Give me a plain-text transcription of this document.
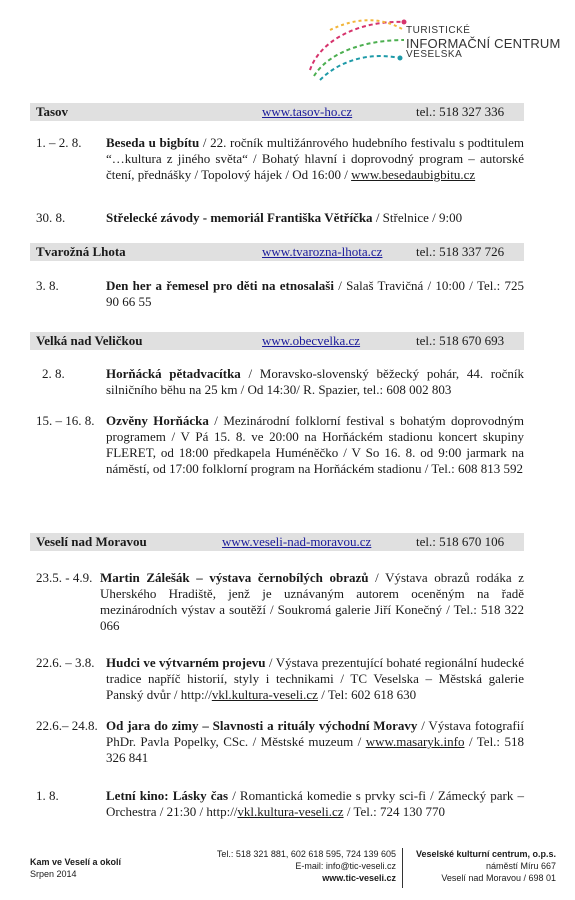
TURISTICKÉ
INFORMAČNÍ CENTRUM
VESELSKA
Tasov	www.tasov-ho.cz	tel.: 518 327 336
1. – 2. 8. Beseda u bigbítu / 22. ročník multižánrového hudebního festivalu s podtitulem “…kultura z jiného světa“ / Bohatý hlavní i doprovodný program – autorské čtení, přednášky / Topolový hájek / Od 16:00 / www.besedaubigbitu.cz
30. 8.	Střelecké závody - memoriál Františka Větříčka / Střelnice / 9:00
Tvarožná Lhota	www.tvarozna-lhota.cz	tel.: 518 337 726
3. 8.	Den her a řemesel pro děti na etnosalaši / Salaš Travičná / 10:00 / Tel.: 725 90 66 55
Velká nad Veličkou	www.obecvelka.cz	tel.: 518 670 693
2. 8.	Horňácká pětadvacítka / Moravsko-slovenský běžecký pohár, 44. ročník silničního běhu na 25 km / Od 14:30/ R. Spazier, tel.: 608 002 803
15. – 16. 8. Ozvěny Horňácka / Mezinárodní folklorní festival s bohatým doprovodným programem / V Pá 15. 8. ve 20:00 na Horňáckém stadionu koncert skupiny FLERET, od 18:00 předkapela Huméněčko / V So 16. 8. od 9:00 jarmark na náměstí, od 17:00 folklorní program na Horňáckém stadionu / Tel.: 608 813 592
Veselí nad Moravou	www.veseli-nad-moravou.cz	tel.: 518 670 106
23.5. - 4.9. Martin Zálešák – výstava černobílých obrazů / Výstava obrazů rodáka z Uherského Hradiště, jenž je uznávaným autorem oceněným na řadě mezinárodních výstav a soutěží / Soukromá galerie Jiří Konečný / Tel.: 518 322 066
22.6. – 3.8. Hudci ve výtvarném projevu / Výstava prezentující bohaté regionální hudecké tradice napříč historií, styly i technikami / TC Veselska – Městská galerie Panský dvůr / http://vkl.kultura-veseli.cz / Tel: 602 618 630
22.6.– 24.8. Od jara do zimy – Slavnosti a rituály východní Moravy / Výstava fotografií PhDr. Pavla Popelky, CSc. / Městské muzeum / www.masaryk.info / Tel.: 518 326 841
1. 8.	Letní kino: Lásky čas / Romantická komedie s prvky sci-fi / Zámecký park – Orchestra / 21:30 / http://vkl.kultura-veseli.cz / Tel.: 724 130 770
Kam ve Veselí a okolí
Srpen 2014
Tel.: 518 321 881, 602 618 595, 724 139 605
E-mail: info@tic-veseli.cz
www.tic-veseli.cz
Veselské kulturní centrum, o.p.s.
náměstí Míru 667
Veselí nad Moravou / 698 01
